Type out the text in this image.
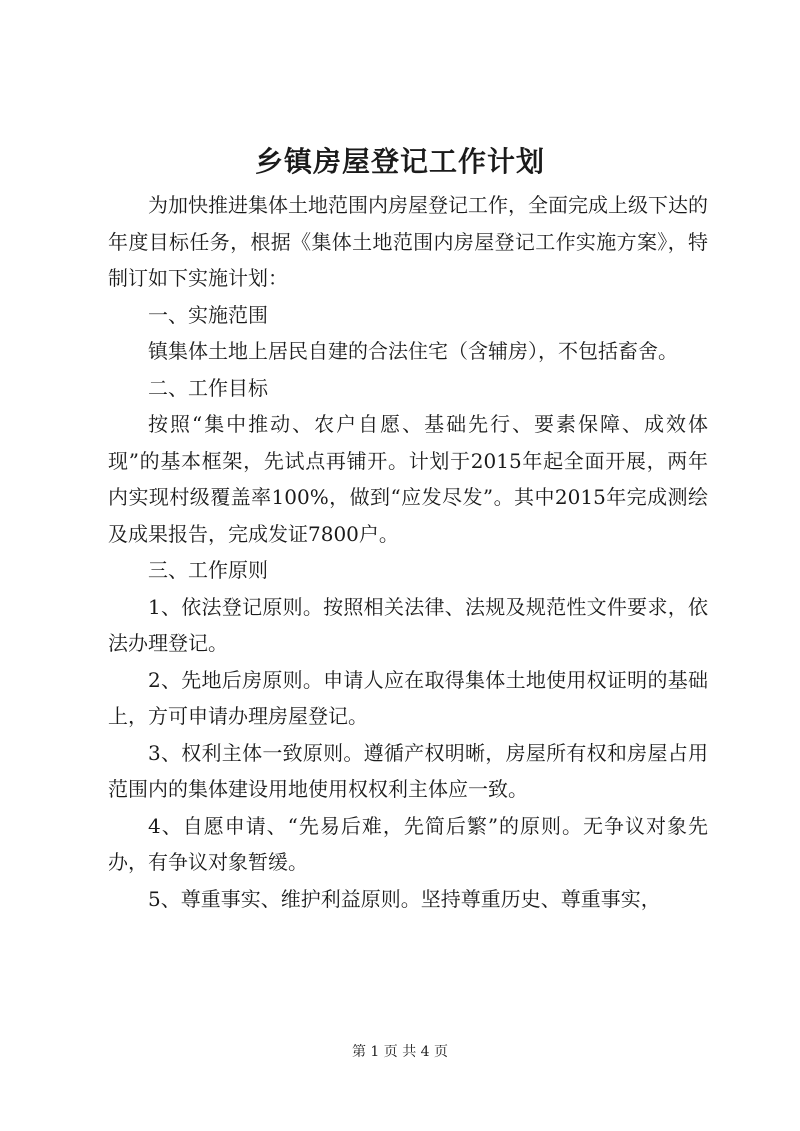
乡镇房屋登记工作计划

为加快推进集体土地范围内房屋登记工作，全面完成上级下达的年度目标任务，根据《集体土地范围内房屋登记工作实施方案》，特制订如下实施计划：

一、实施范围

镇集体土地上居民自建的合法住宅（含辅房），不包括畜舍。

二、工作目标

按照“集中推动、农户自愿、基础先行、要素保障、成效体现”的基本框架，先试点再铺开。计划于2015年起全面开展，两年内实现村级覆盖率100%，做到“应发尽发”。其中2015年完成测绘及成果报告，完成发证7800户。

三、工作原则

1、依法登记原则。按照相关法律、法规及规范性文件要求，依法办理登记。

2、先地后房原则。申请人应在取得集体土地使用权证明的基础上，方可申请办理房屋登记。

3、权利主体一致原则。遵循产权明晰，房屋所有权和房屋占用范围内的集体建设用地使用权权利主体应一致。

4、自愿申请、“先易后难，先简后繁”的原则。无争议对象先办，有争议对象暂缓。

5、尊重事实、维护利益原则。坚持尊重历史、尊重事实，

第 1 页 共 4 页
